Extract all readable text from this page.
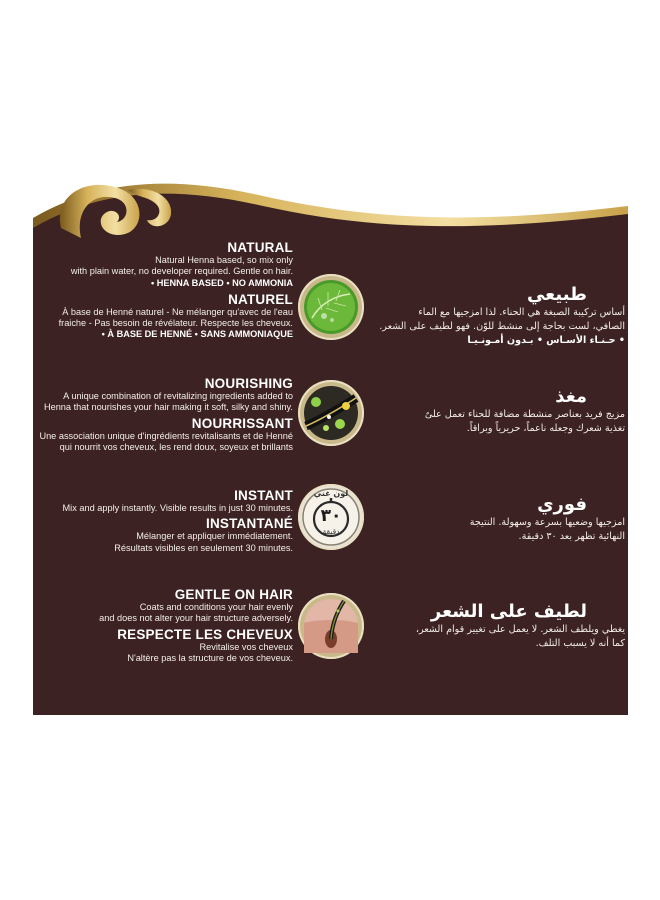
NATURAL
Natural Henna based, so mix only
with plain water, no developer required. Gentle on hair.
• HENNA BASED • NO AMMONIA
NATUREL
À base de Henné naturel - Ne mélanger qu'avec de l'eau
fraiche - Pas besoin de révélateur. Respecte les cheveux.
• À BASE DE HENNÉ • SANS AMMONIAQUE
طبيعي
أساس تركيبة الصبغة هي الحناء. لذا امزجيها مع الماء
الصافي، لست بحاجة إلى منشط للوّن. فهو لطيف على الشعر.
• حـنـاء الأسـاس • بـدون أمـونـيـا
NOURISHING
A unique combination of revitalizing ingredients added to
Henna that nourishes your hair making it soft, silky and shiny.
NOURRISSANT
Une association unique d'ingrédients revitalisants et de Henné
qui nourrit vos cheveux, les rend doux, soyeux et brillants
مغذ
مزيج فريد بعناصر منشطة مضافة للحناء تعمل علىٌ
تغذية شعرك وجعله ناعماً، حريرياً وبراقاً.
INSTANT
Mix and apply instantly. Visible results in just 30 minutes.
INSTANTANÉ
Mélanger et appliquer immédiatement.
Résultats visibles en seulement 30 minutes.
لون غني
٣٠
دقيقة
فوري
امزجيها وضعيها بسرعة وسهولة. النتيجة
النهائية تظهر بعد ٣٠ دقيقة.
GENTLE ON HAIR
Coats and conditions your hair evenly
and does not alter your hair structure adversely.
RESPECTE LES CHEVEUX
Revitalise vos cheveux
N'altère pas la structure de vos cheveux.
لطيف على الشعر
يغطي ويلطف الشعر. لا يعمل على تغيير قوام الشعر،
كما أنه لا يسبب التلف.
